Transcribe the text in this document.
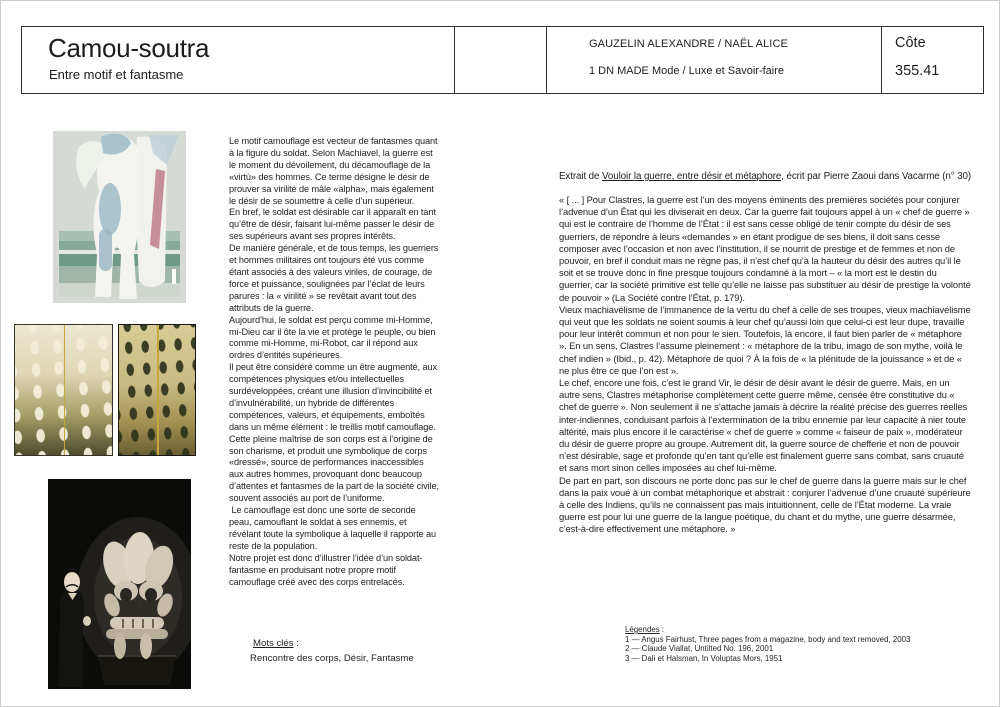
Camou-soutra
Entre motif et fantasme
GAUZELIN ALEXANDRE / NAËL ALICE
1 DN MADE Mode / Luxe et Savoir-faire
Côte
355.41

Le motif camouflage est vecteur de fantasmes quant à la figure du soldat. Selon Machiavel, la guerre est le moment du dévoilement, du décamouflage de la «virtù» des hommes. Ce terme désigne le désir de prouver sa virilité de mâle «alpha», mais également le désir de se soumettre à celle d’un supérieur.

En bref, le soldat est désirable car il apparaît en tant qu’être de désir, faisant lui-même passer le désir de ses supérieurs avant ses propres intérêts.

De manière générale, et de tous temps, les guerriers et hommes militaires ont toujours été vus comme étant associés à des valeurs viriles, de courage, de force et puissance, soulignées par l’éclat de leurs parures : la « virilité » se revêtait avant tout des attributs de la guerre.

Aujourd’hui, le soldat est perçu comme mi-Homme, mi-Dieu car il ôte la vie et protège le peuple, ou bien comme mi-Homme, mi-Robot, car il répond aux ordres d’entités supérieures.

Il peut être considéré comme un être augmenté, aux compétences physiques et/ou intellectuelles surdéveloppées, créant une illusion d’invincibilité et d’invulnérabilité, un hybride de différentes compétences, valeurs, et équipements, emboîtés dans un même élément : le treillis motif camouflage.

Cette pleine maîtrise de son corps est à l’origine de son charisme, et produit une symbolique de corps «dressé», source de performances inaccessibles aux autres hommes, provoquant donc beaucoup d’attentes et fantasmes de la part de la société civile, souvent associés au port de l’uniforme.

Le camouflage est donc une sorte de seconde peau, camouflant le soldat à ses ennemis, et révélant toute la symbolique à laquelle il rapporte au reste de la population.

Notre projet est donc d’illustrer l’idée d’un soldat-fantasme en produisant notre propre motif camouflage créé avec des corps entrelacés.

Mots clés :
Rencontre des corps, Désir, Fantasme
Extrait de Vouloir la guerre, entre désir et métaphore, écrit par Pierre Zaoui dans Vacarme (n° 30)

« [ ... ] Pour Clastres, la guerre est l’un des moyens éminents des premières sociétés pour conjurer l’advenue d’un État qui les diviserait en deux. Car la guerre fait toujours appel à un « chef de guerre » qui est le contraire de l’homme de l’État : il est sans cesse obligé de tenir compte du désir de ses guerriers, de répondre à leurs «demandes » en étant prodigue de ses biens, il doit sans cesse composer avec l’occasion et non avec l’institution, il se nourrit de prestige et de femmes et non de pouvoir, en bref il conduit mais ne règne pas, il n’est chef qu’à la hauteur du désir des autres qu’il le soit et se trouve donc in fine presque toujours condamné à la mort – « la mort est le destin du guerrier, car la société primitive est telle qu’elle ne laisse pas substituer au désir de prestige la volonté de pouvoir » (La Société contre l’État, p. 179).

Vieux machiavélisme de l’immanence de la vertu du chef à celle de ses troupes, vieux machiavélisme qui veut que les soldats ne soient soumis à leur chef qu’aussi loin que celui-ci est leur dupe, travaille pour leur intérêt commun et non pour le sien. Toutefois, là encore, il faut bien parler de « métaphore ». En un sens, Clastres l’assume pleinement : « métaphore de la tribu, imago de son mythe, voilà le chef indien » (Ibid., p. 42). Métaphore de quoi ? À la fois de « la plénitude de la jouissance » et de « ne plus être ce que l’on est ».

Le chef, encore une fois, c’est le grand Vir, le désir de désir avant le désir de guerre. Mais, en un autre sens, Clastres métaphorise complètement cette guerre même, censée être constitutive du « chef de guerre ». Non seulement il ne s’attache jamais à décrire la réalité précise des guerres réelles inter-indiennes, conduisant parfois à l’extermination de la tribu ennemie par leur capacité à nier toute altérité, mais plus encore il le caractérise « chef de guerre » comme « faiseur de paix », modérateur du désir de guerre propre au groupe. Autrement dit, la guerre source de chefferie et non de pouvoir n’est désirable, sage et profonde qu’en tant qu’elle est finalement guerre sans combat, sans cruauté et sans mort sinon celles imposées au chef lui-même.

De part en part, son discours ne porte donc pas sur le chef de guerre dans la guerre mais sur le chef dans la paix voué à un combat métaphorique et abstrait : conjurer l’advenue d’une cruauté supérieure à celle des Indiens, qu’ils ne connaissent pas mais intuitionnent, celle de l’État moderne. La vraie guerre est pour lui une guerre de la langue poétique, du chant et du mythe, une guerre désarmée, c’est-à-dire effectivement une métaphore. »

Légendes :
1 — Angus Fairhust, Three pages from a magazine, body and text removed, 2003
2 — Claude Viallat, Untilted No. 196, 2001
3 — Dali et Halsman, In Voluptas Mors, 1951
